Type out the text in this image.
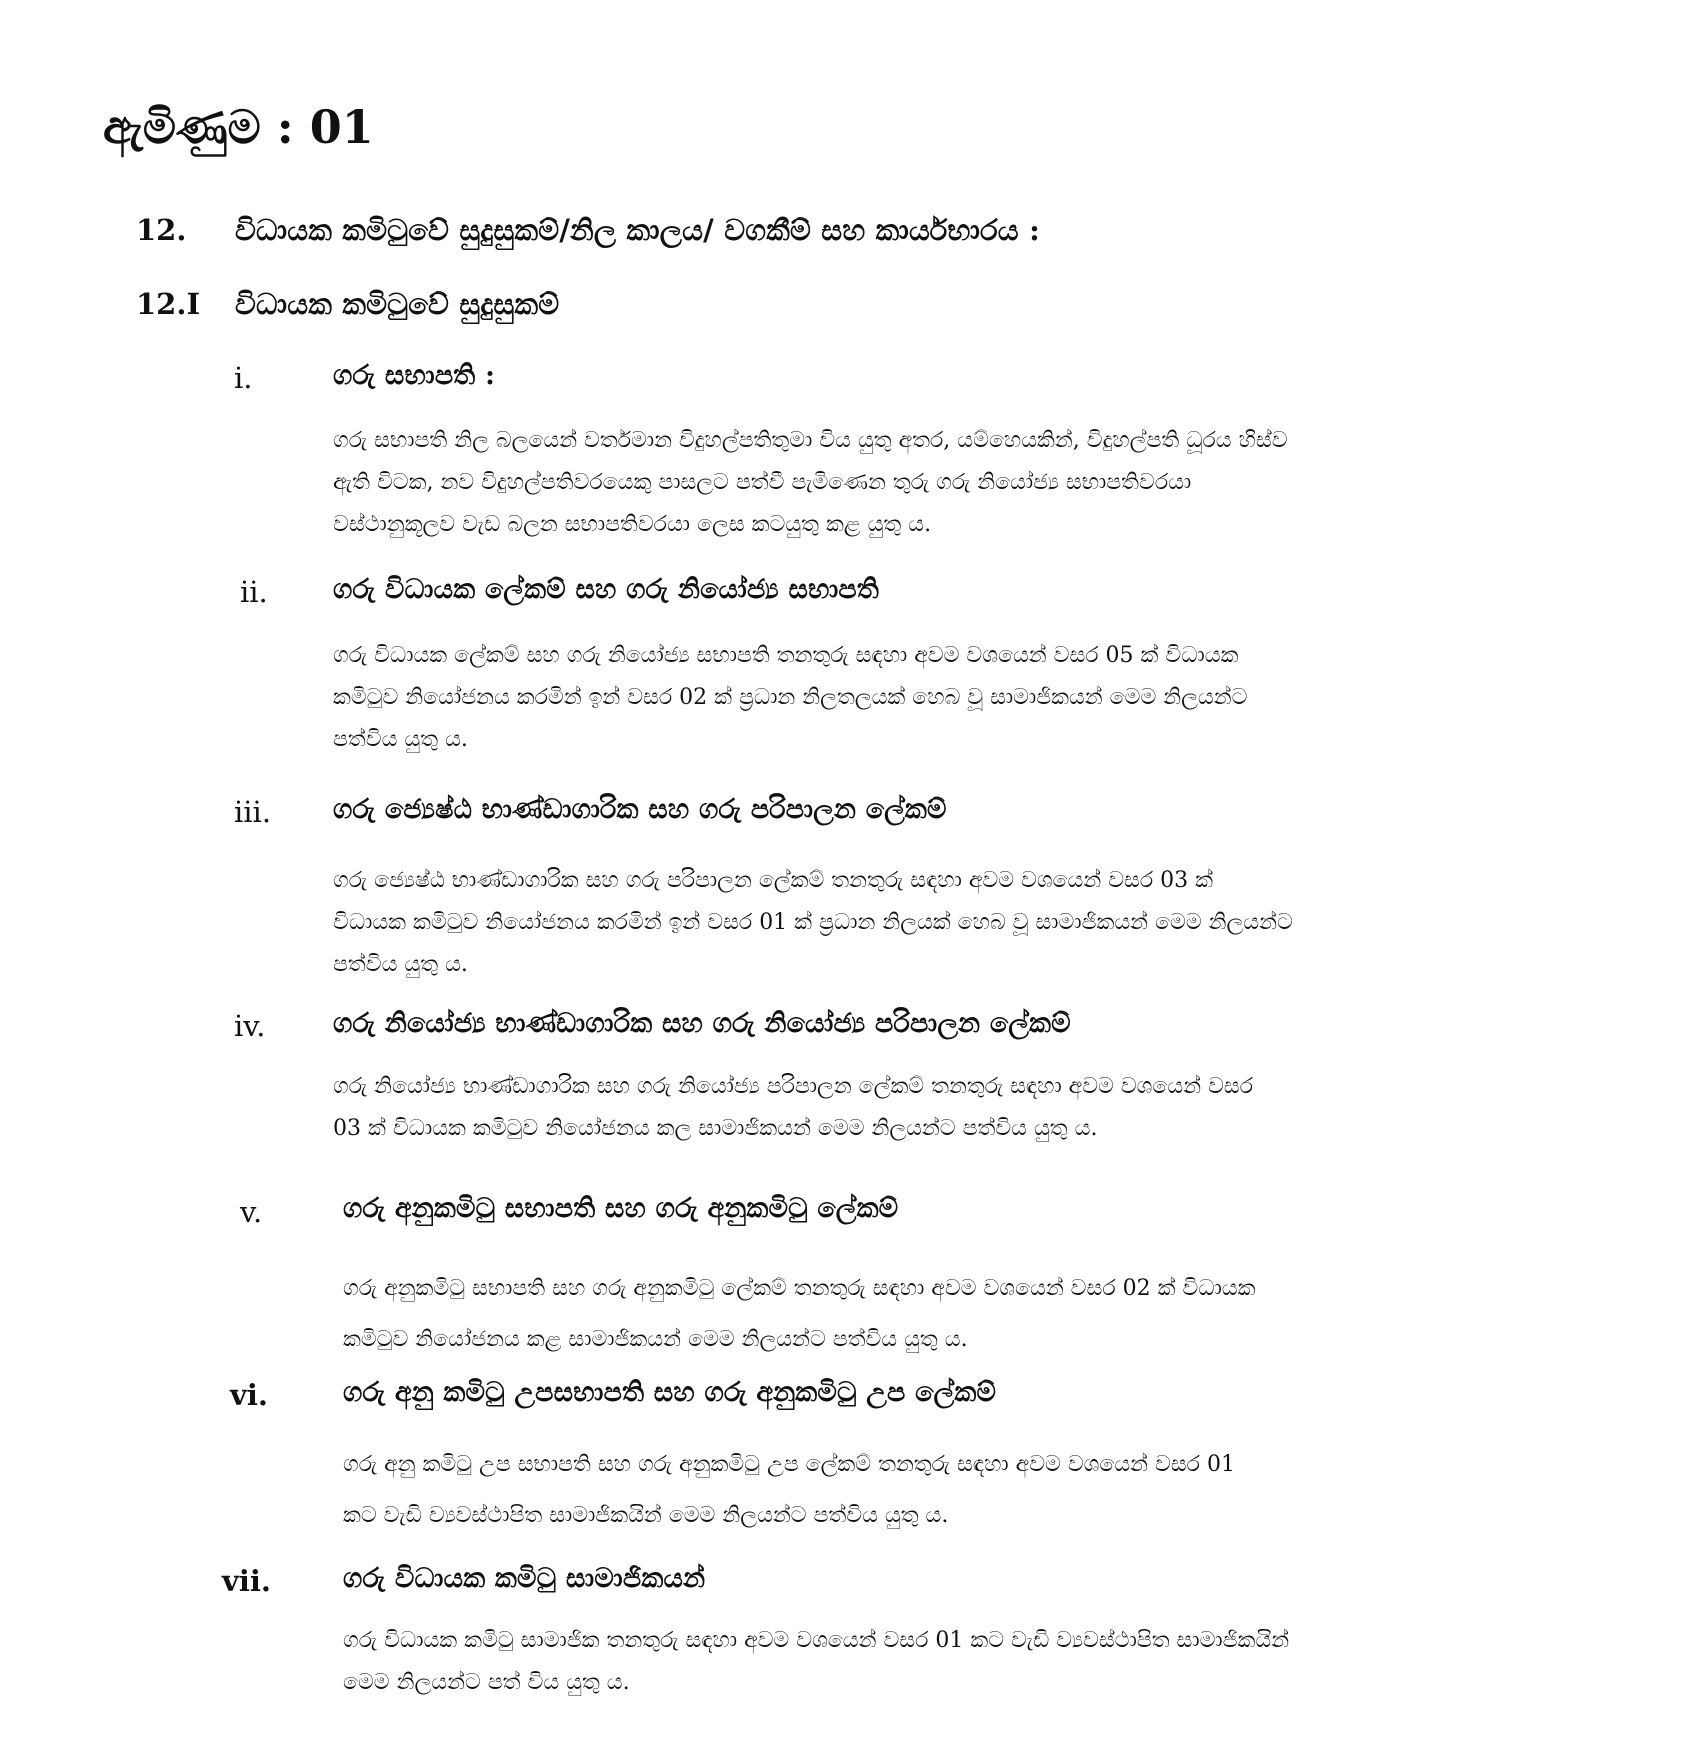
ඇමිණුම : 01
12. විධායක කමිටුවේ සුදුසුකම්/නිල කාලය/ වගකීම් සහ කාර්යභාරය :
12.I විධායක කමිටුවේ සුදුසුකම්
i.	ගරු සභාපති :
ගරු සභාපති නිල බලයෙන් වර්තමාන විදුහල්පතිතුමා විය යුතු අතර, යම්හෙයකින්, විදුහල්පති ධූරය හිස්ව
ඇති විටක, නව විදුහල්පතිවරයෙකු පාසලට පත්වී පැමිණෙන තුරු ගරු නියෝජ්‍ය සභාපතිවරයා
වස්ථානුකූලව වැඩ බලන සභාපතිවරයා ලෙස කටයුතු කළ යුතු ය.
ii. ගරු විධායක ලේකම් සහ ගරු නියෝජ්‍ය සභාපති
ගරු විධායක ලේකම් සහ ගරු නියෝජ්‍ය සභාපති තනතුරු සඳහා අවම වශයෙන් වසර 05 ක් විධායක
කමිටුව නියෝජනය කරමින් ඉන් වසර 02 ක් ප්‍රධාන නිලතලයක් හෙබ වූ සාමාජිකයන් මෙම නිලයන්ට
පත්විය යුතු ය.
iii. ගරු ජ්‍යෙෂ්ඨ භාණ්ඩාගාරික සහ ගරු පරිපාලන ලේකම්
ගරු ජ්‍යෙෂ්ඨ භාණ්ඩාගාරික සහ ගරු පරිපාලන ලේකම් තනතුරු සඳහා අවම වශයෙන් වසර 03 ක්
විධායක කමිටුව නියෝජනය කරමින් ඉන් වසර 01 ක් ප්‍රධාන නිලයක් හෙබ වූ සාමාජිකයන් මෙම නිලයන්ට
පත්විය යුතු ය.
iv.	ගරු නියෝජ්‍ය භාණ්ඩාගාරික සහ ගරු නියෝජ්‍ය පරිපාලන ලේකම්
ගරු නියෝජ්‍ය භාණ්ඩාගාරික සහ ගරු නියෝජ්‍ය පරිපාලන ලේකම් තනතුරු සඳහා අවම වශයෙන් වසර
03 ක් විධායක කමිටුව නියෝජනය කල සාමාජිකයන් මෙම නිලයන්ට පත්විය යුතු ය.
v.	ගරු අනුකමිටු සභාපති සහ ගරු අනුකමිටු ලේකම්
ගරු අනුකමිටු සභාපති සහ ගරු අනුකමිටු ලේකම් තනතුරු සඳහා අවම වශයෙන් වසර 02 ක් විධායක
කමිටුව නියෝජනය කළ සාමාජිකයන් මෙම නිලයන්ට පත්විය යුතු ය.
vi.	ගරු අනු කමිටු උපසභාපති සහ ගරු අනුකමිටු උප ලේකම්
ගරු අනු කමිටු උප සභාපති සහ ගරු අනුකමිටු උප ලේකම් තනතුරු සඳහා අවම වශයෙන් වසර 01
කට වැඩි ව්‍යවස්ථාපිත සාමාජිකයින් මෙම නිලයන්ට පත්විය යුතු ය.
vii.	ගරු විධායක කමිටු සාමාජිකයන්
ගරු විධායක කමිටු සාමාජික තනතුරු සඳහා අවම වශයෙන් වසර 01 කට වැඩි ව්‍යවස්ථාපිත සාමාජිකයින්
මෙම නිලයන්ට පත් විය යුතු ය.
